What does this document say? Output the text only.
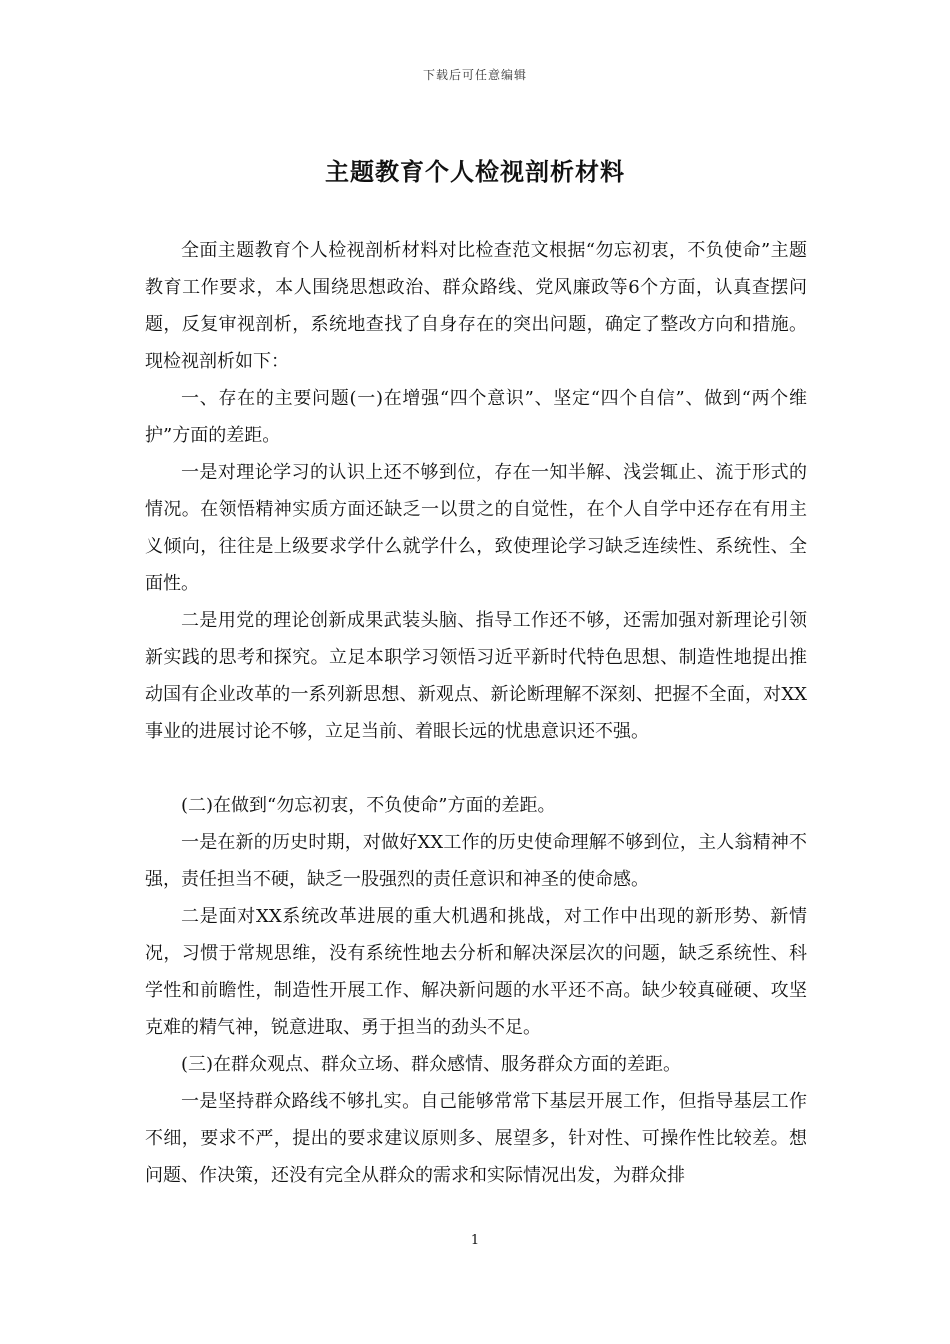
下载后可任意编辑
主题教育个人检视剖析材料

全面主题教育个人检视剖析材料对比检查范文根据“勿忘初衷，不负使命”主题教育工作要求，本人围绕思想政治、群众路线、党风廉政等6个方面，认真查摆问题，反复审视剖析，系统地查找了自身存在的突出问题，确定了整改方向和措施。现检视剖析如下：

一、存在的主要问题(一)在增强“四个意识”、坚定“四个自信”、做到“两个维护”方面的差距。

一是对理论学习的认识上还不够到位，存在一知半解、浅尝辄止、流于形式的情况。在领悟精神实质方面还缺乏一以贯之的自觉性，在个人自学中还存在有用主义倾向，往往是上级要求学什么就学什么，致使理论学习缺乏连续性、系统性、全面性。

二是用党的理论创新成果武装头脑、指导工作还不够，还需加强对新理论引领新实践的思考和探究。立足本职学习领悟习近平新时代特色思想、制造性地提出推动国有企业改革的一系列新思想、新观点、新论断理解不深刻、把握不全面，对XX事业的进展讨论不够，立足当前、着眼长远的忧患意识还不强。

(二)在做到“勿忘初衷，不负使命”方面的差距。

一是在新的历史时期，对做好XX工作的历史使命理解不够到位，主人翁精神不强，责任担当不硬，缺乏一股强烈的责任意识和神圣的使命感。

二是面对XX系统改革进展的重大机遇和挑战，对工作中出现的新形势、新情况，习惯于常规思维，没有系统性地去分析和解决深层次的问题，缺乏系统性、科学性和前瞻性，制造性开展工作、解决新问题的水平还不高。缺少较真碰硬、攻坚克难的精气神，锐意进取、勇于担当的劲头不足。

(三)在群众观点、群众立场、群众感情、服务群众方面的差距。

一是坚持群众路线不够扎实。自己能够常常下基层开展工作，但指导基层工作不细，要求不严，提出的要求建议原则多、展望多，针对性、可操作性比较差。想问题、作决策，还没有完全从群众的需求和实际情况出发，为群众排

1
